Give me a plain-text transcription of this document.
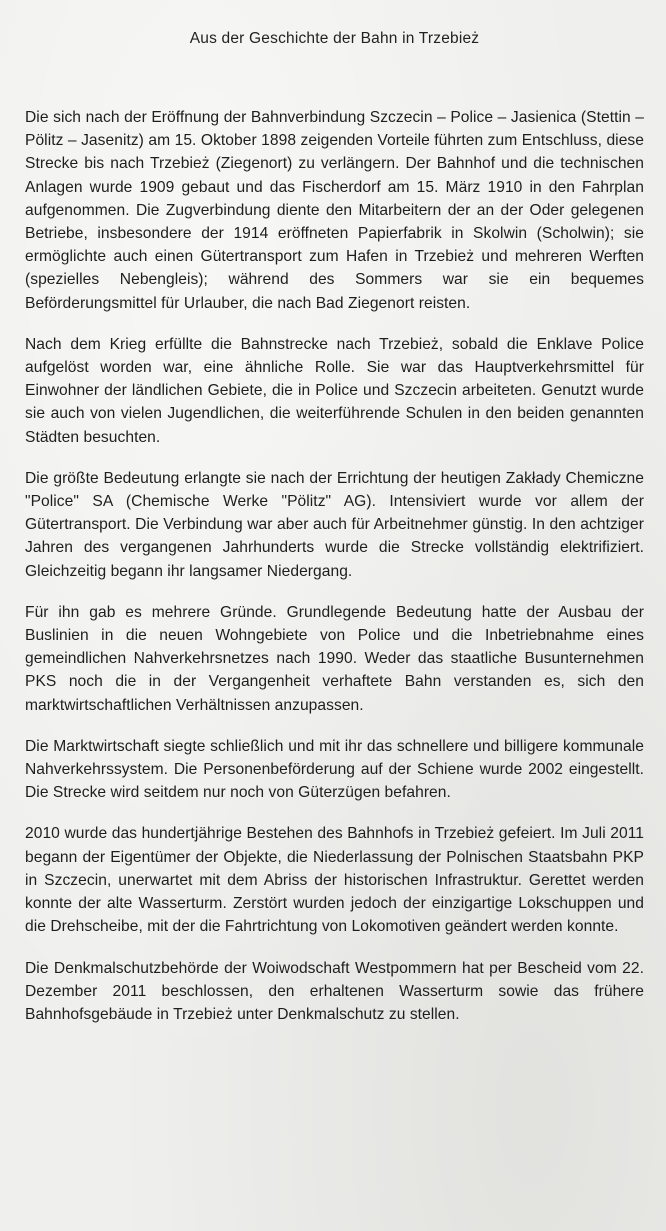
Aus der Geschichte der Bahn in Trzebież

Die sich nach der Eröffnung der Bahnverbindung Szczecin – Police – Jasienica (Stettin – Pölitz – Jasenitz) am 15. Oktober 1898 zeigenden Vorteile führten zum Entschluss, diese Strecke bis nach Trzebież (Ziegenort) zu verlängern. Der Bahnhof und die technischen Anlagen wurde 1909 gebaut und das Fischerdorf am 15. März 1910 in den Fahrplan aufgenommen. Die Zugverbindung diente den Mitarbeitern der an der Oder gelegenen Betriebe, insbesondere der 1914 eröffneten Papierfabrik in Skolwin (Scholwin); sie ermöglichte auch einen Gütertransport zum Hafen in Trzebież und mehreren Werften (spezielles Nebengleis); während des Sommers war sie ein bequemes Beförderungsmittel für Urlauber, die nach Bad Ziegenort reisten.

Nach dem Krieg erfüllte die Bahnstrecke nach Trzebież, sobald die Enklave Police aufgelöst worden war, eine ähnliche Rolle. Sie war das Hauptverkehrsmittel für Einwohner der ländlichen Gebiete, die in Police und Szczecin arbeiteten. Genutzt wurde sie auch von vielen Jugendlichen, die weiterführende Schulen in den beiden genannten Städten besuchten.

Die größte Bedeutung erlangte sie nach der Errichtung der heutigen Zakłady Chemiczne "Police" SA (Chemische Werke "Pölitz" AG). Intensiviert wurde vor allem der Gütertransport. Die Verbindung war aber auch für Arbeitnehmer günstig. In den achtziger Jahren des vergangenen Jahrhunderts wurde die Strecke vollständig elektrifiziert. Gleichzeitig begann ihr langsamer Niedergang.

Für ihn gab es mehrere Gründe. Grundlegende Bedeutung hatte der Ausbau der Buslinien in die neuen Wohngebiete von Police und die Inbetriebnahme eines gemeindlichen Nahverkehrsnetzes nach 1990. Weder das staatliche Busunternehmen PKS noch die in der Vergangenheit verhaftete Bahn verstanden es, sich den marktwirtschaftlichen Verhältnissen anzupassen.

Die Marktwirtschaft siegte schließlich und mit ihr das schnellere und billigere kommunale Nahverkehrssystem. Die Personenbeförderung auf der Schiene wurde 2002 eingestellt. Die Strecke wird seitdem nur noch von Güterzügen befahren.

2010 wurde das hundertjährige Bestehen des Bahnhofs in Trzebież gefeiert. Im Juli 2011 begann der Eigentümer der Objekte, die Niederlassung der Polnischen Staatsbahn PKP in Szczecin, unerwartet mit dem Abriss der historischen Infrastruktur. Gerettet werden konnte der alte Wasserturm. Zerstört wurden jedoch der einzigartige Lokschuppen und die Drehscheibe, mit der die Fahrtrichtung von Lokomotiven geändert werden konnte.

Die Denkmalschutzbehörde der Woiwodschaft Westpommern hat per Bescheid vom 22. Dezember 2011 beschlossen, den erhaltenen Wasserturm sowie das frühere Bahnhofsgebäude in Trzebież unter Denkmalschutz zu stellen.
